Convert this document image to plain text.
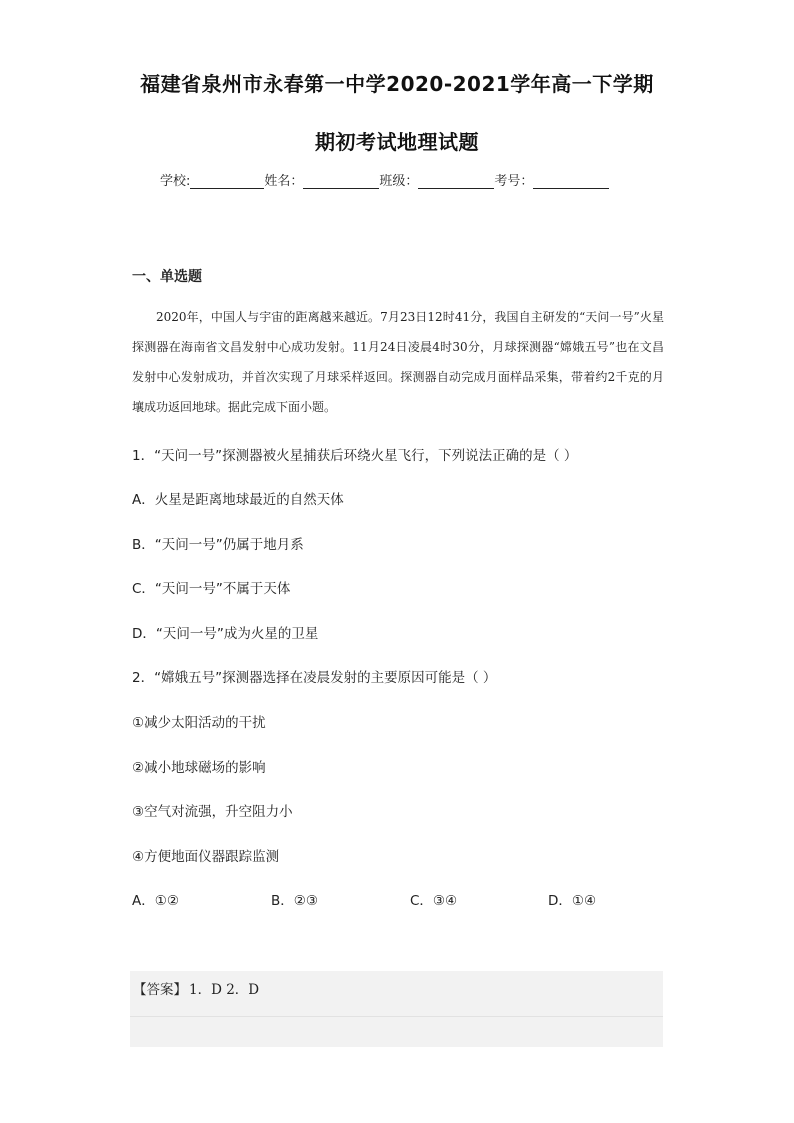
福建省泉州市永春第一中学2020-2021学年高一下学期
期初考试地理试题
学校:	姓名：	班级：	考号：
一、单选题
2020年，中国人与宇宙的距离越来越近。7月23日12时41分，我国自主研发的“天问一号”火星探测器在海南省文昌发射中心成功发射。11月24日凌晨4时30分，月球探测器“嫦娥五号”也在文昌发射中心发射成功，并首次实现了月球采样返回。探测器自动完成月面样品采集，带着约2千克的月壤成功返回地球。据此完成下面小题。
1．“天问一号”探测器被火星捕获后环绕火星飞行，下列说法正确的是（ ）
A．火星是距离地球最近的自然天体
B．“天问一号”仍属于地月系
C．“天问一号”不属于天体
D．“天问一号”成为火星的卫星
2．“嫦娥五号”探测器选择在凌晨发射的主要原因可能是（ ）
①减少太阳活动的干扰
②减小地球磁场的影响
③空气对流强，升空阻力小
④方便地面仪器跟踪监测
A．①②	B．②③	C．③④	D．①④
【答案】 1．D 2．D
